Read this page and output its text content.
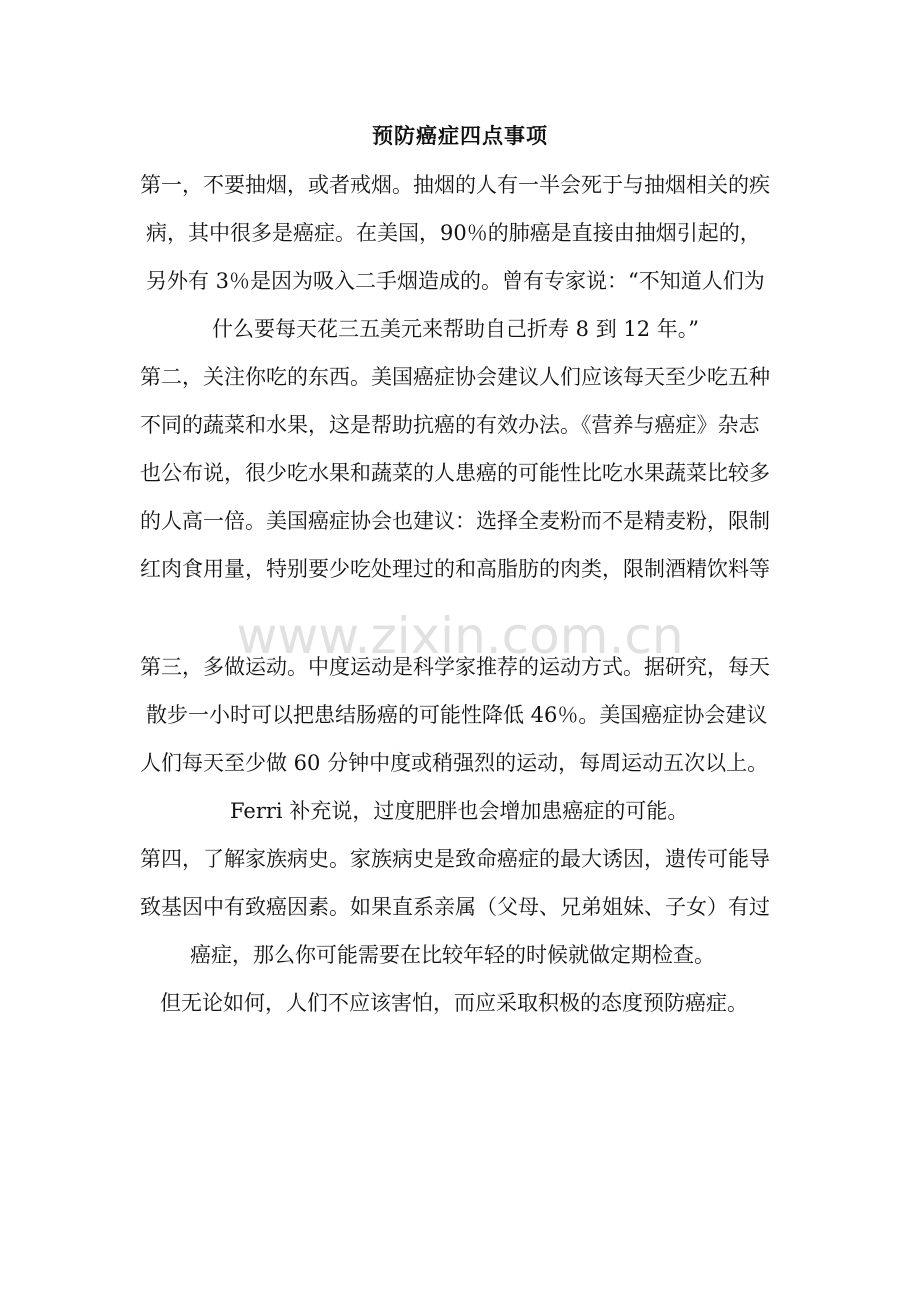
www.zixin.com.cn
预防癌症四点事项
第一，不要抽烟，或者戒烟。抽烟的人有一半会死于与抽烟相关的疾
病，其中很多是癌症。在美国，90％的肺癌是直接由抽烟引起的，
另外有 3％是因为吸入二手烟造成的。曾有专家说：“不知道人们为
什么要每天花三五美元来帮助自己折寿 8 到 12 年。”
第二，关注你吃的东西。美国癌症协会建议人们应该每天至少吃五种
不同的蔬菜和水果，这是帮助抗癌的有效办法。《营养与癌症》杂志
也公布说，很少吃水果和蔬菜的人患癌的可能性比吃水果蔬菜比较多
的人高一倍。美国癌症协会也建议：选择全麦粉而不是精麦粉，限制
红肉食用量，特别要少吃处理过的和高脂肪的肉类，限制酒精饮料等
第三，多做运动。中度运动是科学家推荐的运动方式。据研究，每天
散步一小时可以把患结肠癌的可能性降低 46％。美国癌症协会建议
人们每天至少做 60 分钟中度或稍强烈的运动，每周运动五次以上。
Ferri 补充说，过度肥胖也会增加患癌症的可能。
第四，了解家族病史。家族病史是致命癌症的最大诱因，遗传可能导
致基因中有致癌因素。如果直系亲属（父母、兄弟姐妹、子女）有过
癌症，那么你可能需要在比较年轻的时候就做定期检查。
但无论如何，人们不应该害怕，而应采取积极的态度预防癌症。
